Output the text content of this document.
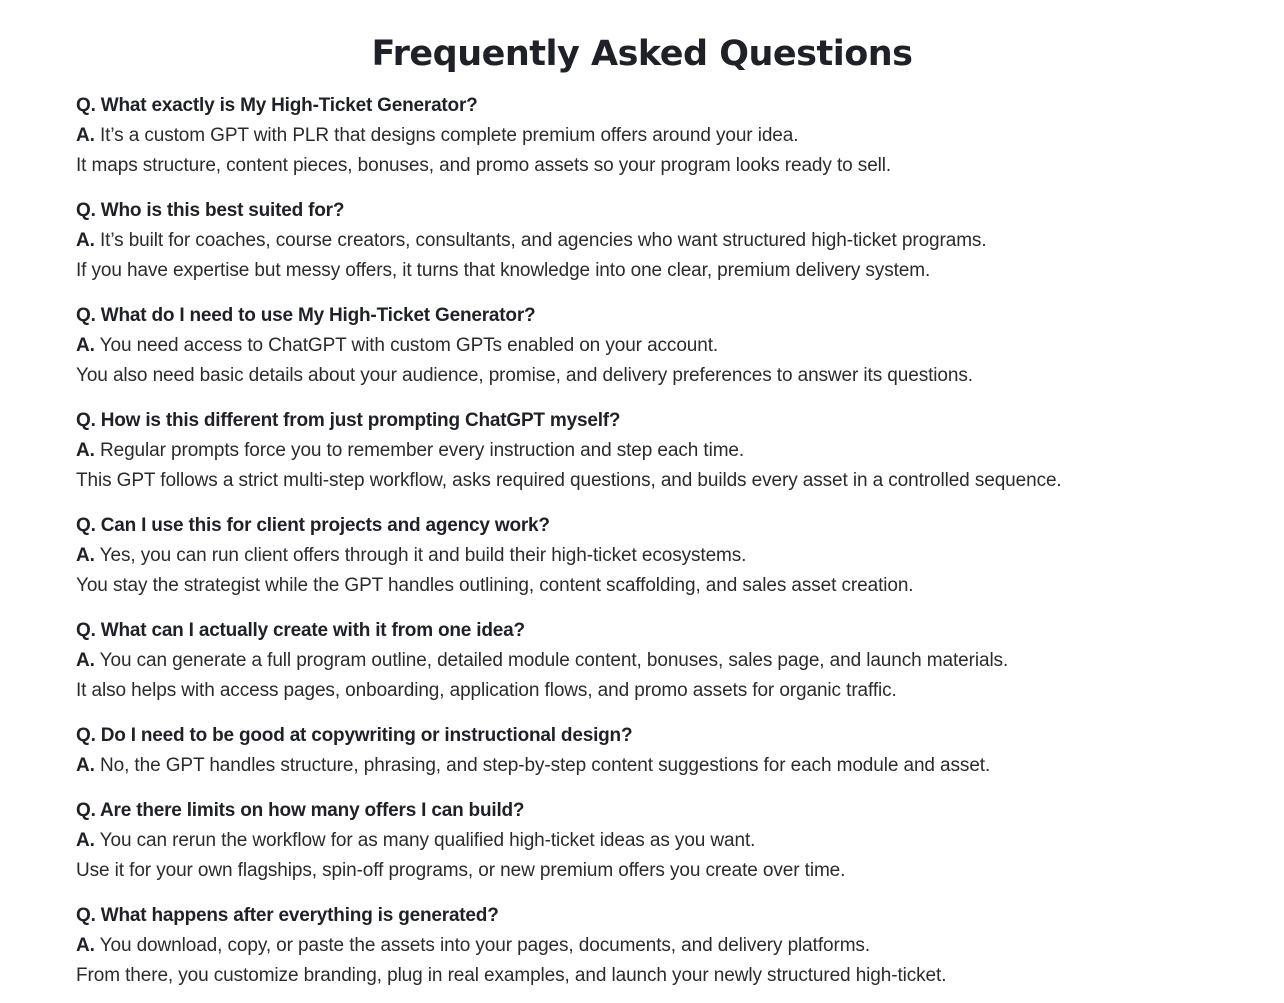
Frequently Asked Questions
Q. What exactly is My High-Ticket Generator?
A. It’s a custom GPT with PLR that designs complete premium offers around your idea.
It maps structure, content pieces, bonuses, and promo assets so your program looks ready to sell.
Q. Who is this best suited for?
A. It’s built for coaches, course creators, consultants, and agencies who want structured high-ticket programs.
If you have expertise but messy offers, it turns that knowledge into one clear, premium delivery system.
Q. What do I need to use My High-Ticket Generator?
A. You need access to ChatGPT with custom GPTs enabled on your account.
You also need basic details about your audience, promise, and delivery preferences to answer its questions.
Q. How is this different from just prompting ChatGPT myself?
A. Regular prompts force you to remember every instruction and step each time.
This GPT follows a strict multi-step workflow, asks required questions, and builds every asset in a controlled sequence.
Q. Can I use this for client projects and agency work?
A. Yes, you can run client offers through it and build their high-ticket ecosystems.
You stay the strategist while the GPT handles outlining, content scaffolding, and sales asset creation.
Q. What can I actually create with it from one idea?
A. You can generate a full program outline, detailed module content, bonuses, sales page, and launch materials.
It also helps with access pages, onboarding, application flows, and promo assets for organic traffic.
Q. Do I need to be good at copywriting or instructional design?
A. No, the GPT handles structure, phrasing, and step-by-step content suggestions for each module and asset.
Q. Are there limits on how many offers I can build?
A. You can rerun the workflow for as many qualified high-ticket ideas as you want.
Use it for your own flagships, spin-off programs, or new premium offers you create over time.
Q. What happens after everything is generated?
A. You download, copy, or paste the assets into your pages, documents, and delivery platforms.
From there, you customize branding, plug in real examples, and launch your newly structured high-ticket.
